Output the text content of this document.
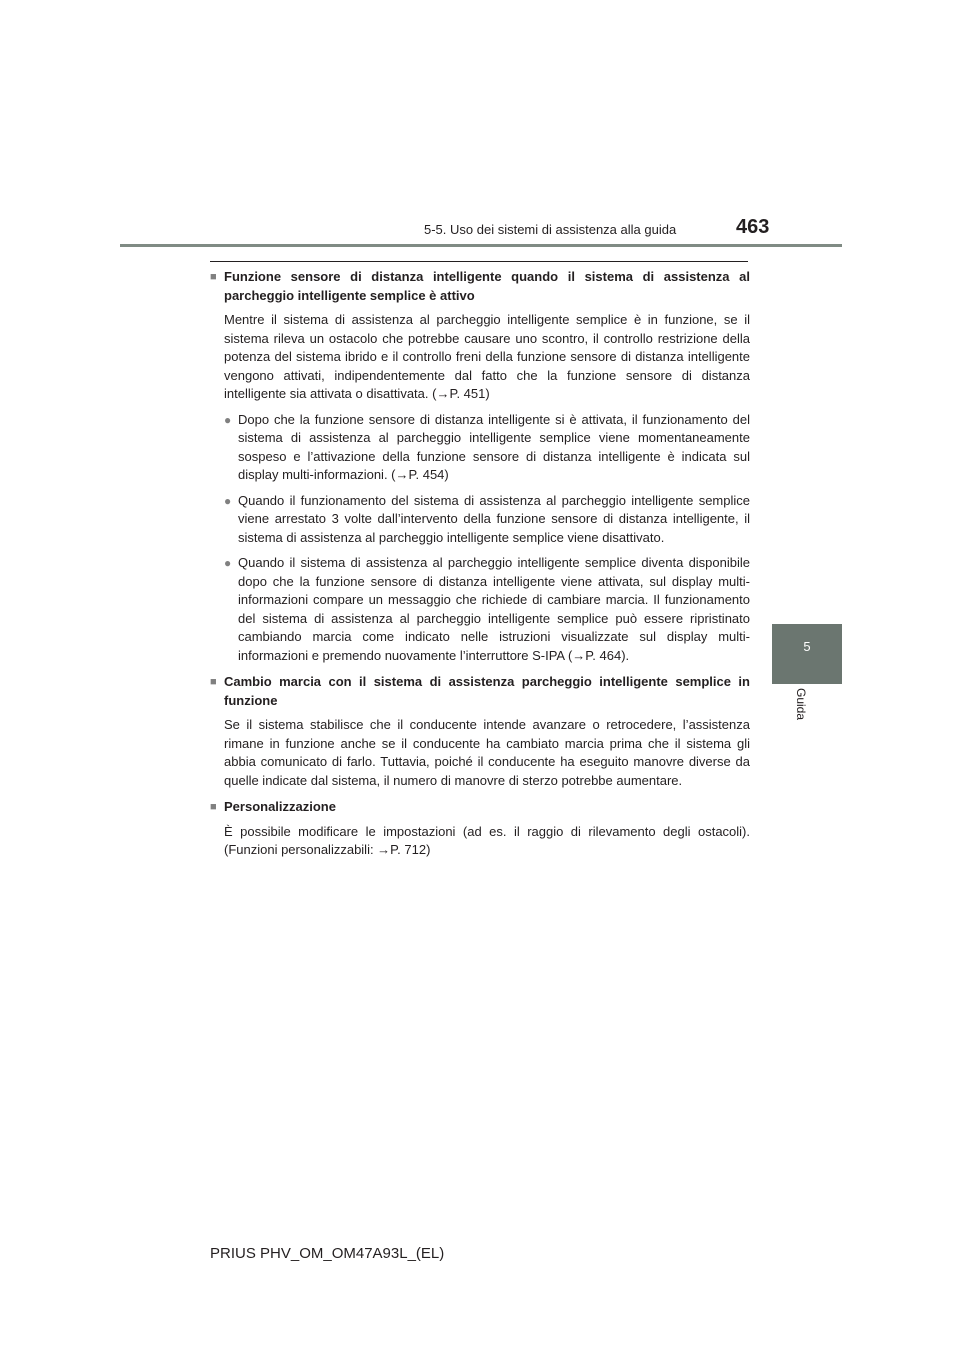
5-5. Uso dei sistemi di assistenza alla guida	463
5
Guida
■ Funzione sensore di distanza intelligente quando il sistema di assistenza al parcheggio intelligente semplice è attivo
Mentre il sistema di assistenza al parcheggio intelligente semplice è in funzione, se il sistema rileva un ostacolo che potrebbe causare uno scontro, il controllo restrizione della potenza del sistema ibrido e il controllo freni della funzione sensore di distanza intelligente vengono attivati, indipendentemente dal fatto che la funzione sensore di distanza intelligente sia attivata o disattivata. (→P. 451)
● Dopo che la funzione sensore di distanza intelligente si è attivata, il funzionamento del sistema di assistenza al parcheggio intelligente semplice viene momentaneamente sospeso e l’attivazione della funzione sensore di distanza intelligente è indicata sul display multi-informazioni. (→P. 454)
● Quando il funzionamento del sistema di assistenza al parcheggio intelligente semplice viene arrestato 3 volte dall’intervento della funzione sensore di distanza intelligente, il sistema di assistenza al parcheggio intelligente semplice viene disattivato.
● Quando il sistema di assistenza al parcheggio intelligente semplice diventa disponibile dopo che la funzione sensore di distanza intelligente viene attivata, sul display multi-informazioni compare un messaggio che richiede di cambiare marcia. Il funzionamento del sistema di assistenza al parcheggio intelligente semplice può essere ripristinato cambiando marcia come indicato nelle istruzioni visualizzate sul display multi-informazioni e premendo nuovamente l’interruttore S-IPA (→P. 464).
■ Cambio marcia con il sistema di assistenza parcheggio intelligente semplice in funzione
Se il sistema stabilisce che il conducente intende avanzare o retrocedere, l’assistenza rimane in funzione anche se il conducente ha cambiato marcia prima che il sistema gli abbia comunicato di farlo. Tuttavia, poiché il conducente ha eseguito manovre diverse da quelle indicate dal sistema, il numero di manovre di sterzo potrebbe aumentare.
■ Personalizzazione
È possibile modificare le impostazioni (ad es. il raggio di rilevamento degli ostacoli). (Funzioni personalizzabili: →P. 712)
PRIUS PHV_OM_OM47A93L_(EL)
